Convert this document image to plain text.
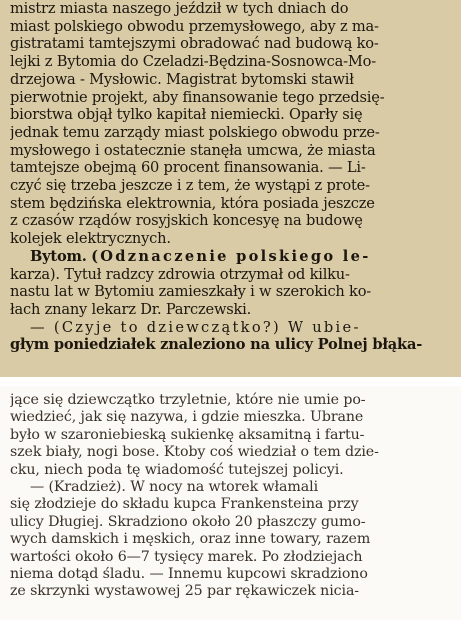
mistrz miasta naszego jeździł w tych dniach do
miast polskiego obwodu przemysłowego, aby z ma-
gistratami tamtejszymi obradować nad budową ko-
lejki z Bytomia do Czeladzi-Będzina-Sosnowca-Mo-
drzejowa - Mysłowic. Magistrat bytomski stawił
pierwotnie projekt, aby finansowanie tego przedsię-
biorstwa objął tylko kapitał niemiecki. Oparły się
jednak temu zarządy miast polskiego obwodu prze-
mysłowego i ostatecznie stanęła umcwa, że miasta
tamtejsze obejmą 60 procent finansowania. — Li-
czyć się trzeba jeszcze i z tem, że wystąpi z prote-
stem będzińska elektrownia, która posiada jeszcze
z czasów rządów rosyjskich koncesyę na budowę
kolejek elektrycznych.
Bytom. (Odznaczenie polskiego le-
karza). Tytuł radzcy zdrowia otrzymał od kilku-
nastu lat w Bytomiu zamieszkały i w szerokich ko-
łach znany lekarz Dr. Parczewski.
— (Czyje to dziewczątko?) W ubie-
głym poniedziałek znaleziono na ulicy Polnej błąka-
jące się dziewczątko trzyletnie, które nie umie po-
wiedzieć, jak się nazywa, i gdzie mieszka. Ubrane
było w szaroniebieską sukienkę aksamitną i fartu-
szek biały, nogi bose. Ktoby coś wiedział o tem dzie-
cku, niech poda tę wiadomość tutejszej policyi.
— (Kradzież). W nocy na wtorek włamali
się złodzieje do składu kupca Frankensteina przy
ulicy Długiej. Skradziono około 20 płaszczy gumo-
wych damskich i męskich, oraz inne towary, razem
wartości około 6—7 tysięcy marek. Po złodziejach
niema dotąd śladu. — Innemu kupcowi skradziono
ze skrzynki wystawowej 25 par rękawiczek nicia-
